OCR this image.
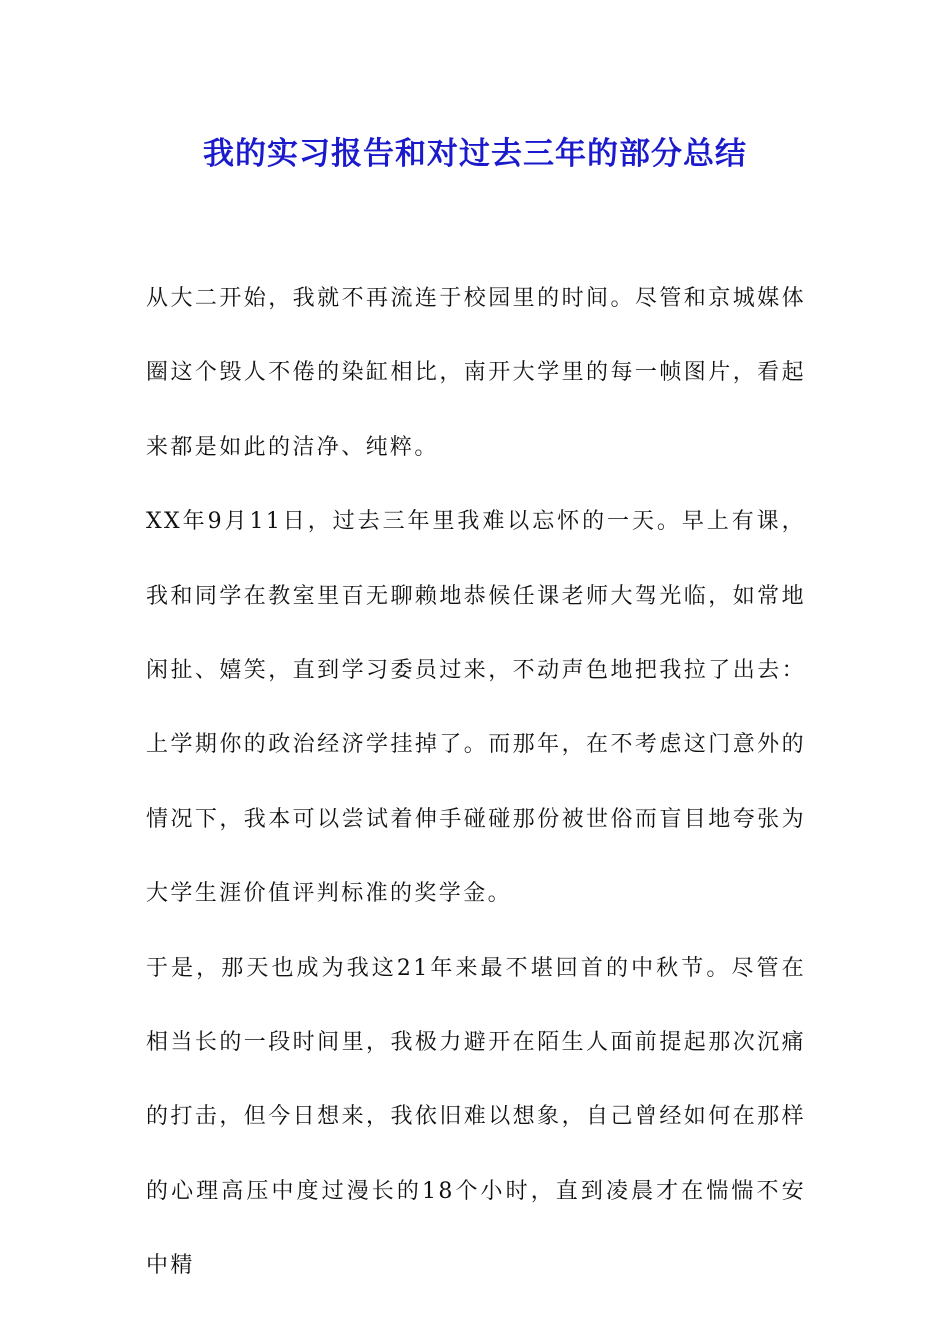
我的实习报告和对过去三年的部分总结

从大二开始，我就不再流连于校园里的时间。尽管和京城媒体圈这个毁人不倦的染缸相比，南开大学里的每一帧图片，看起来都是如此的洁净、纯粹。

XX年9月11日，过去三年里我难以忘怀的一天。早上有课，我和同学在教室里百无聊赖地恭候任课老师大驾光临，如常地闲扯、嬉笑，直到学习委员过来，不动声色地把我拉了出去：上学期你的政治经济学挂掉了。而那年，在不考虑这门意外的情况下，我本可以尝试着伸手碰碰那份被世俗而盲目地夸张为大学生涯价值评判标准的奖学金。

于是，那天也成为我这21年来最不堪回首的中秋节。尽管在相当长的一段时间里，我极力避开在陌生人面前提起那次沉痛的打击，但今日想来，我依旧难以想象，自己曾经如何在那样的心理高压中度过漫长的18个小时，直到凌晨才在惴惴不安中精
